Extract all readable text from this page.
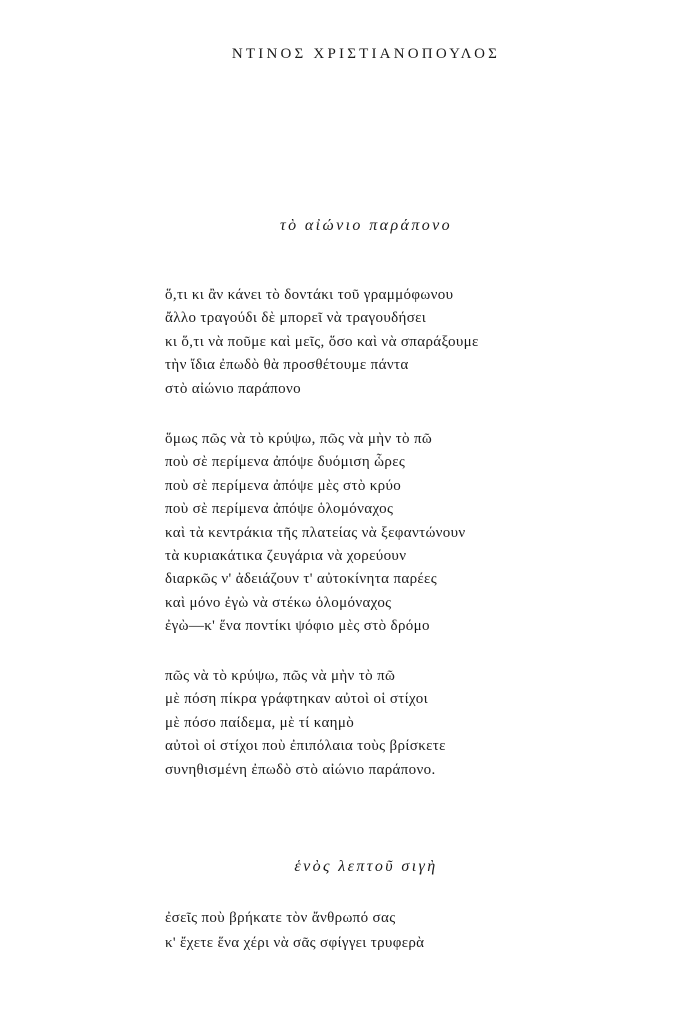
ΝΤΙΝΟΣ ΧΡΙΣΤΙΑΝΟΠΟΥΛΟΣ
τὸ αἰώνιο παράπονο
ὅ,τι κι ἂν κάνει τὸ δοντάκι τοῦ γραμμόφωνου
ἄλλο τραγούδι δὲ μπορεῖ νὰ τραγουδήσει
κι ὅ,τι νὰ ποῦμε καὶ μεῖς, ὅσο καὶ νὰ σπαράξουμε
τὴν ἴδια ἐπωδὸ θὰ προσθέτουμε πάντα
στὸ αἰώνιο παράπονο
ὅμως πῶς νὰ τὸ κρύψω, πῶς νὰ μὴν τὸ πῶ
ποὺ σὲ περίμενα ἀπόψε δυόμιση ὧρες
ποὺ σὲ περίμενα ἀπόψε μὲς στὸ κρύο
ποὺ σὲ περίμενα ἀπόψε ὁλομόναχος
καὶ τὰ κεντράκια τῆς πλατείας νὰ ξεφαντώνουν
τὰ κυριακάτικα ζευγάρια νὰ χορεύουν
διαρκῶς ν' ἀδειάζουν τ' αὐτοκίνητα παρέες
καὶ μόνο ἐγὼ νὰ στέκω ὁλομόναχος
ἐγὼ—κ' ἕνα ποντίκι ψόφιο μὲς στὸ δρόμο
πῶς νὰ τὸ κρύψω, πῶς νὰ μὴν τὸ πῶ
μὲ πόση πίκρα γράφτηκαν αὐτοὶ οἱ στίχοι
μὲ πόσο παίδεμα, μὲ τί καημὸ
αὐτοὶ οἱ στίχοι ποὺ ἐπιπόλαια τοὺς βρίσκετε
συνηθισμένη ἐπωδὸ στὸ αἰώνιο παράπονο.
ἑνὸς λεπτοῦ σιγὴ
ἐσεῖς ποὺ βρήκατε τὸν ἄνθρωπό σας
κ' ἔχετε ἕνα χέρι νὰ σᾶς σφίγγει τρυφερὰ
